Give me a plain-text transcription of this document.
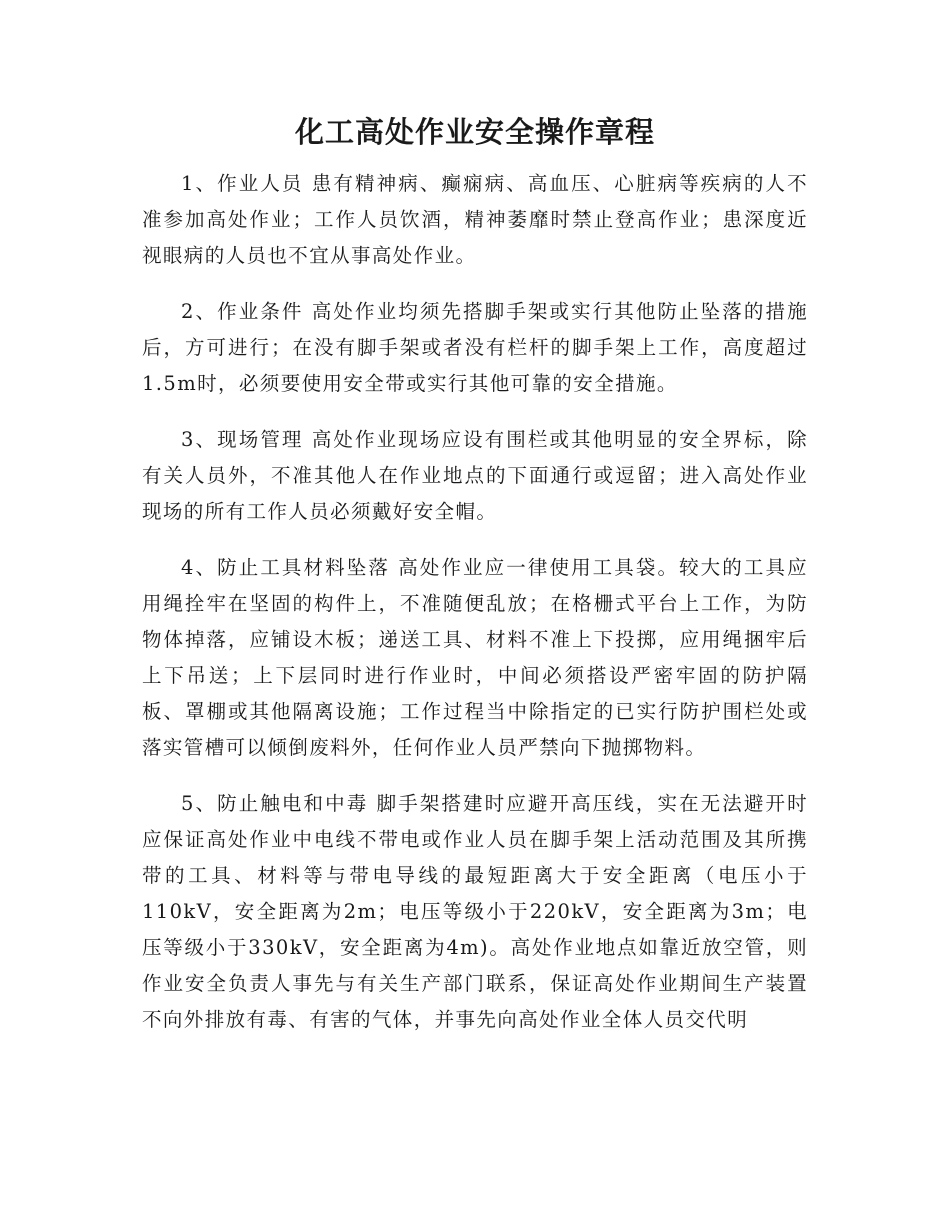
化工高处作业安全操作章程

1、作业人员 患有精神病、癫痫病、高血压、心脏病等疾病的人不准参加高处作业；工作人员饮酒，精神萎靡时禁止登高作业；患深度近视眼病的人员也不宜从事高处作业。

2、作业条件 高处作业均须先搭脚手架或实行其他防止坠落的措施后，方可进行；在没有脚手架或者没有栏杆的脚手架上工作，高度超过1.5m时，必须要使用安全带或实行其他可靠的安全措施。

3、现场管理 高处作业现场应设有围栏或其他明显的安全界标，除有关人员外，不准其他人在作业地点的下面通行或逗留；进入高处作业现场的所有工作人员必须戴好安全帽。

4、防止工具材料坠落 高处作业应一律使用工具袋。较大的工具应用绳拴牢在坚固的构件上，不准随便乱放；在格栅式平台上工作，为防物体掉落，应铺设木板；递送工具、材料不准上下投掷，应用绳捆牢后上下吊送；上下层同时进行作业时，中间必须搭设严密牢固的防护隔板、罩棚或其他隔离设施；工作过程当中除指定的已实行防护围栏处或落实管槽可以倾倒废料外，任何作业人员严禁向下抛掷物料。

5、防止触电和中毒 脚手架搭建时应避开高压线，实在无法避开时应保证高处作业中电线不带电或作业人员在脚手架上活动范围及其所携带的工具、材料等与带电导线的最短距离大于安全距离（电压小于110kV，安全距离为2m；电压等级小于220kV，安全距离为3m；电压等级小于330kV，安全距离为4m)。高处作业地点如靠近放空管，则作业安全负责人事先与有关生产部门联系，保证高处作业期间生产装置不向外排放有毒、有害的气体，并事先向高处作业全体人员交代明
